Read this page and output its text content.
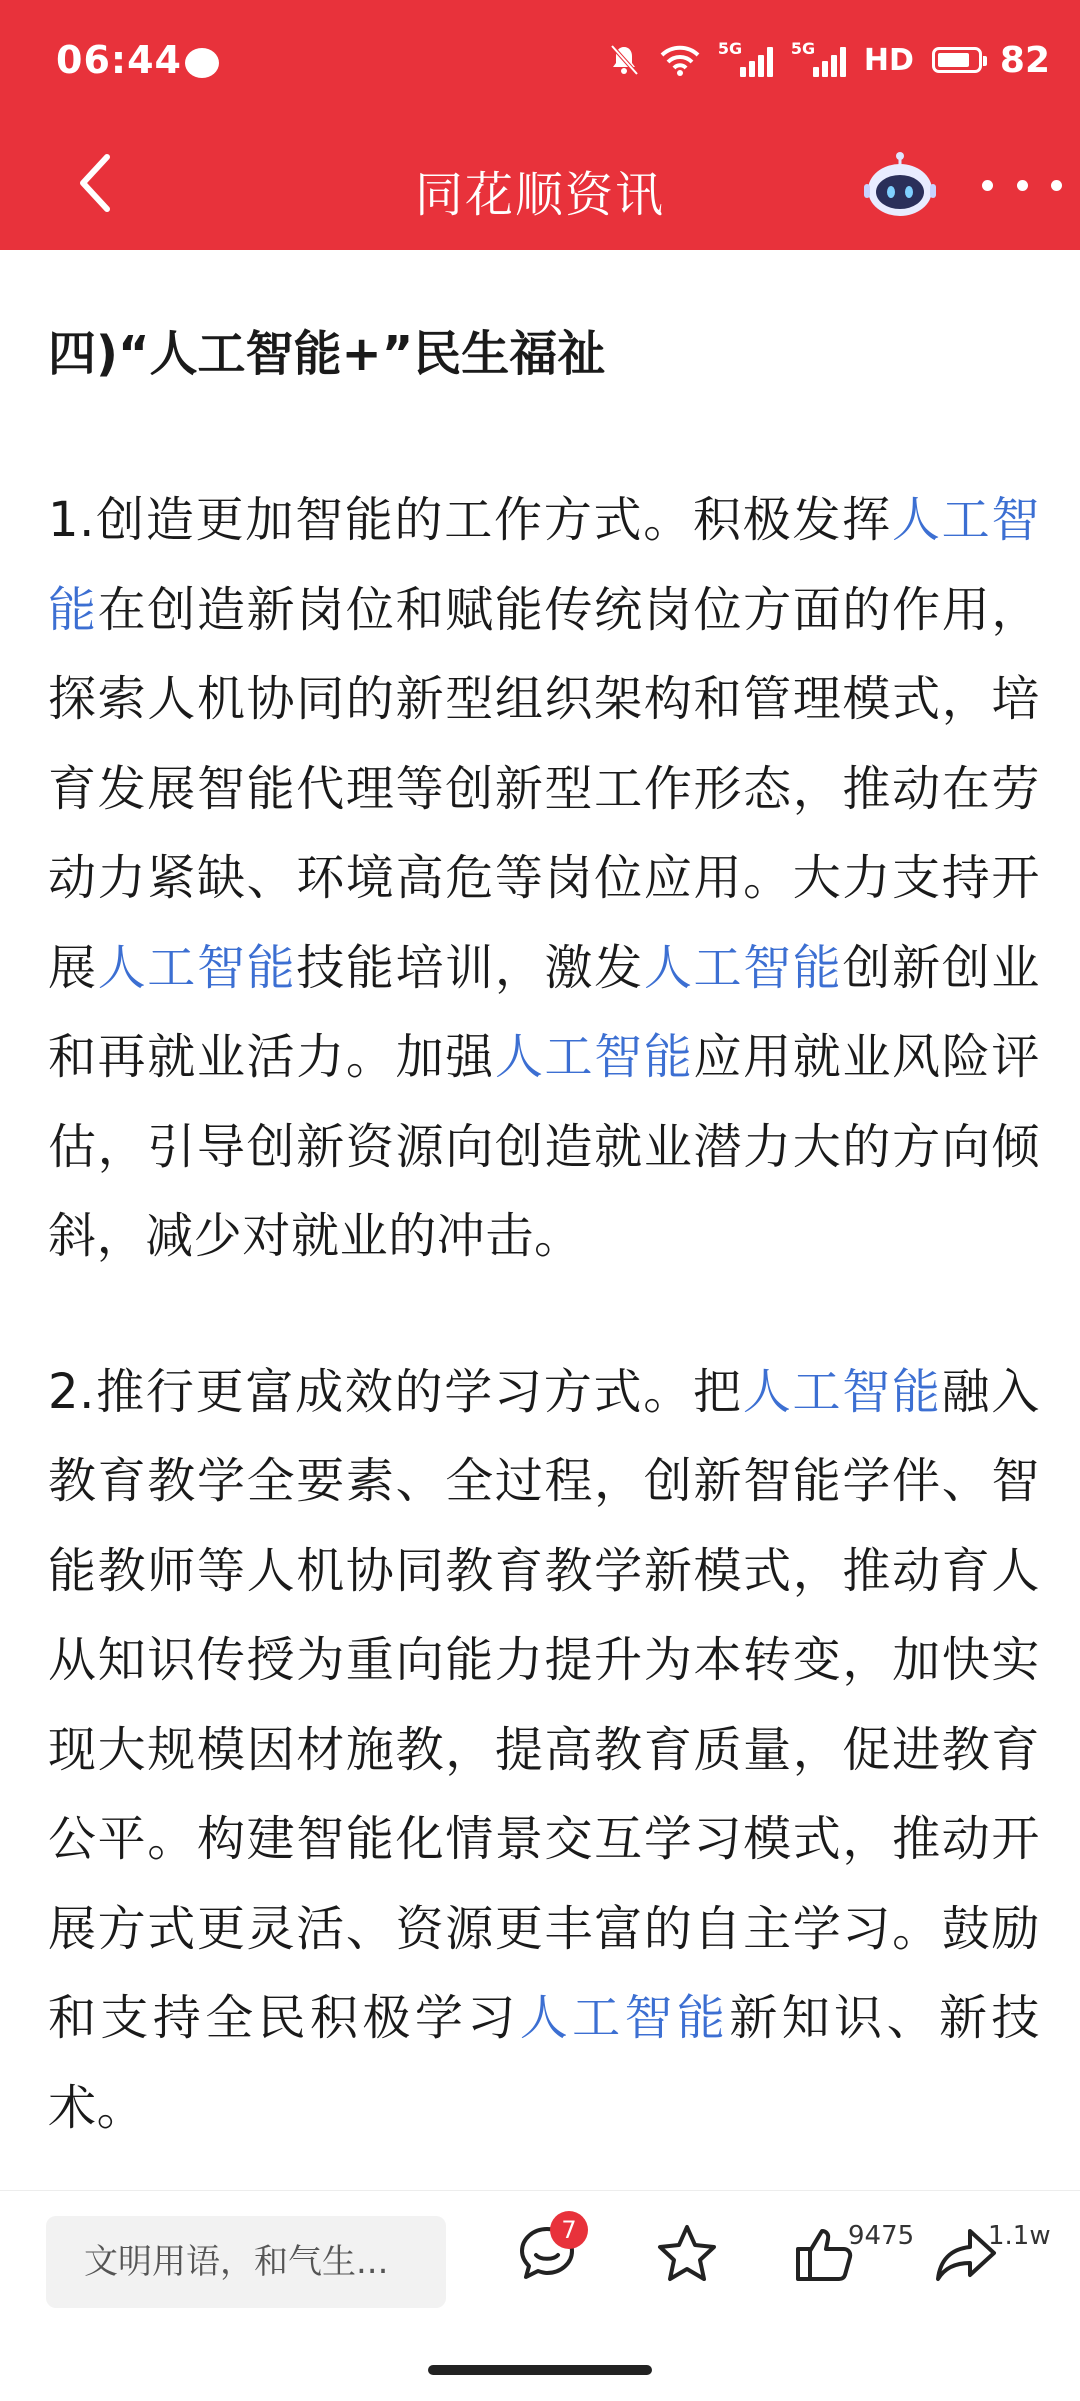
06:44	5G	5G HD 82
同花顺资讯
四)“人工智能+”民生福祉

1.创造更加智能的工作方式。积极发挥人工智能在创造新岗位和赋能传统岗位方面的作用，探索人机协同的新型组织架构和管理模式，培育发展智能代理等创新型工作形态，推动在劳动力紧缺、环境高危等岗位应用。大力支持开展人工智能技能培训，激发人工智能创新创业和再就业活力。加强人工智能应用就业风险评估，引导创新资源向创造就业潜力大的方向倾斜，减少对就业的冲击。

2.推行更富成效的学习方式。把人工智能融入教育教学全要素、全过程，创新智能学伴、智能教师等人机协同教育教学新模式，推动育人从知识传授为重向能力提升为本转变，加快实现大规模因材施教，提高教育质量，促进教育公平。构建智能化情景交互学习模式，推动开展方式更灵活、资源更丰富的自主学习。鼓励和支持全民积极学习人工智能新知识、新技术。

文明用语，和气生...
7	9475	1.1w
